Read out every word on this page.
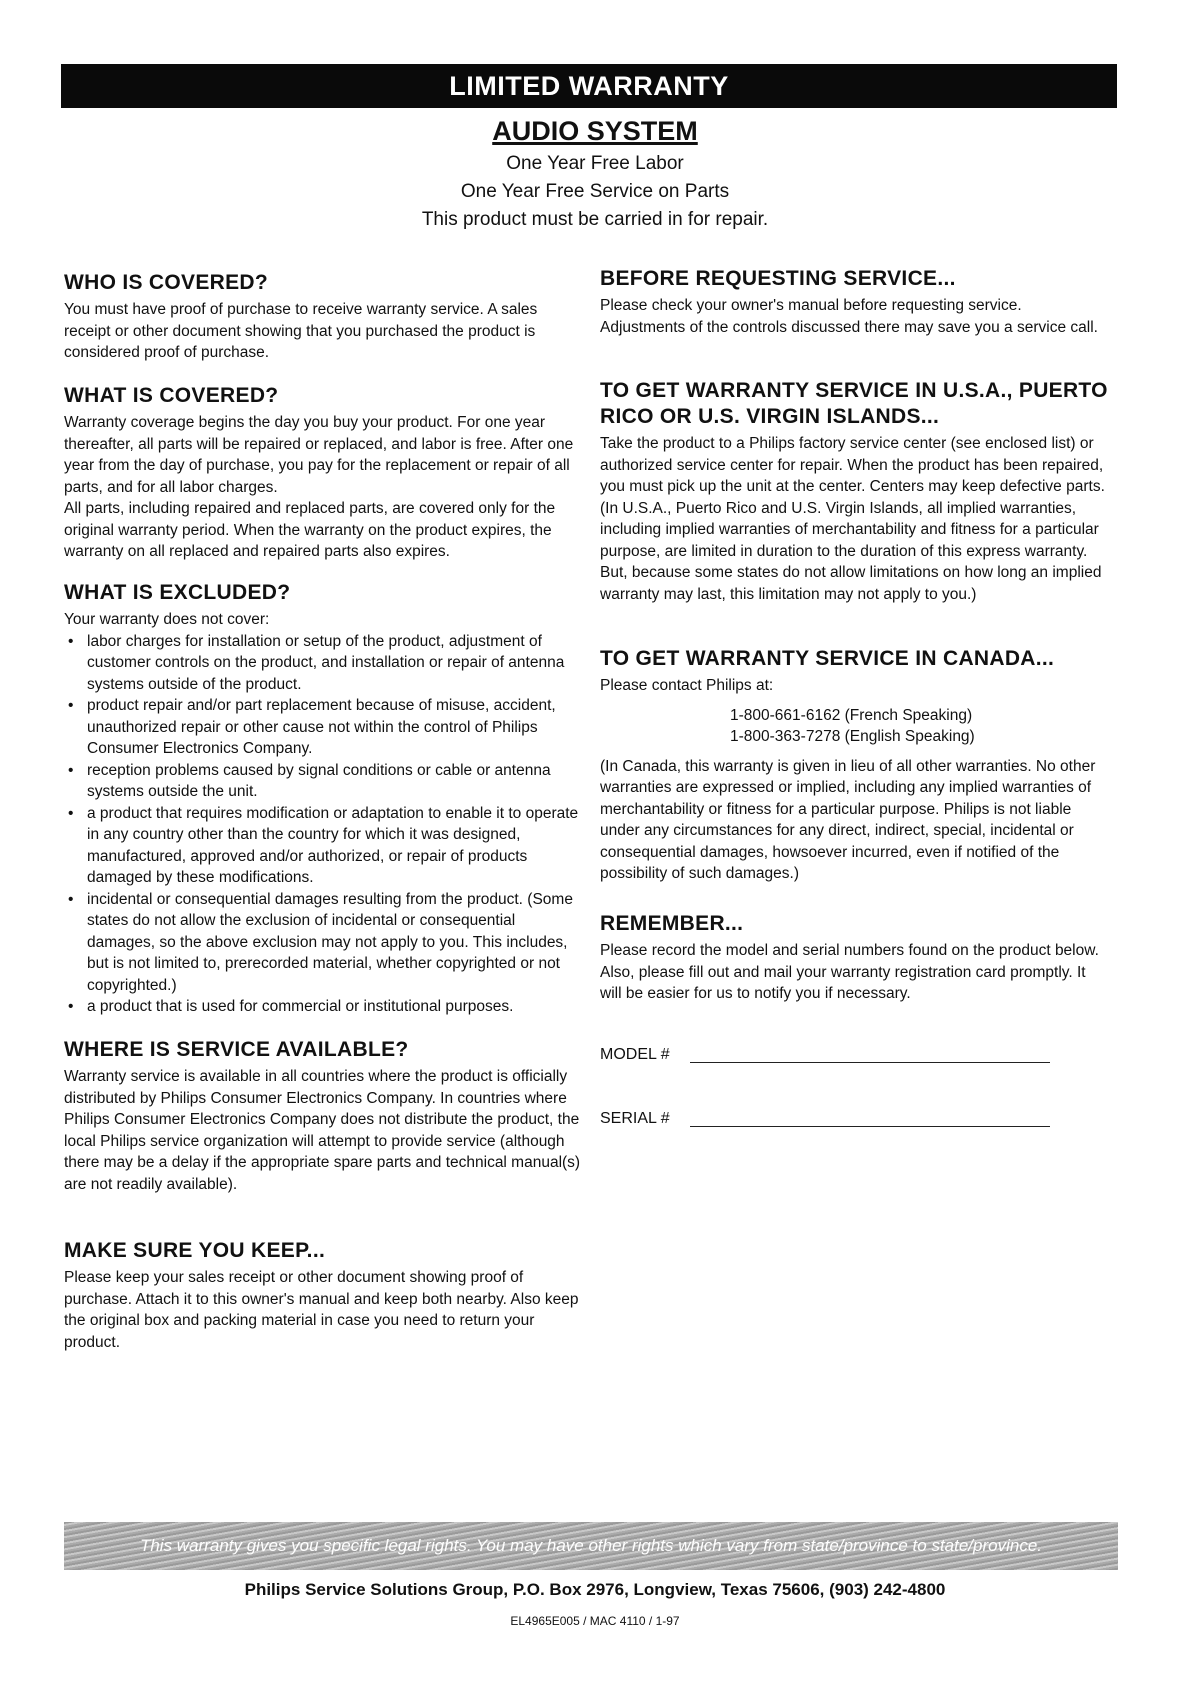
LIMITED WARRANTY
AUDIO SYSTEM
One Year Free Labor
One Year Free Service on Parts
This product must be carried in for repair.
WHO IS COVERED?

You must have proof of purchase to receive warranty service. A sales receipt or other document showing that you purchased the product is considered proof of purchase.

WHAT IS COVERED?

Warranty coverage begins the day you buy your product. For one year thereafter, all parts will be repaired or replaced, and labor is free. After one year from the day of purchase, you pay for the replacement or repair of all parts, and for all labor charges.

All parts, including repaired and replaced parts, are covered only for the original warranty period. When the warranty on the product expires, the warranty on all replaced and repaired parts also expires.

WHAT IS EXCLUDED?

Your warranty does not cover:

• labor charges for installation or setup of the product, adjustment of customer controls on the product, and installation or repair of antenna systems outside of the product.
• product repair and/or part replacement because of misuse, accident, unauthorized repair or other cause not within the control of Philips Consumer Electronics Company.
• reception problems caused by signal conditions or cable or antenna systems outside the unit.
• a product that requires modification or adaptation to enable it to operate in any country other than the country for which it was designed, manufactured, approved and/or authorized, or repair of products damaged by these modifications.
• incidental or consequential damages resulting from the product. (Some states do not allow the exclusion of incidental or consequential damages, so the above exclusion may not apply to you. This includes, but is not limited to, prerecorded material, whether copyrighted or not copyrighted.)
• a product that is used for commercial or institutional purposes.
WHERE IS SERVICE AVAILABLE?

Warranty service is available in all countries where the product is officially distributed by Philips Consumer Electronics Company. In countries where Philips Consumer Electronics Company does not distribute the product, the local Philips service organization will attempt to provide service (although there may be a delay if the appropriate spare parts and technical manual(s) are not readily available).

MAKE SURE YOU KEEP...

Please keep your sales receipt or other document showing proof of purchase. Attach it to this owner's manual and keep both nearby. Also keep the original box and packing material in case you need to return your product.

BEFORE REQUESTING SERVICE...

Please check your owner's manual before requesting service. Adjustments of the controls discussed there may save you a service call.

TO GET WARRANTY SERVICE IN U.S.A., PUERTO RICO OR U.S. VIRGIN ISLANDS...

Take the product to a Philips factory service center (see enclosed list) or authorized service center for repair. When the product has been repaired, you must pick up the unit at the center. Centers may keep defective parts. (In U.S.A., Puerto Rico and U.S. Virgin Islands, all implied warranties, including implied warranties of merchantability and fitness for a particular purpose, are limited in duration to the duration of this express warranty. But, because some states do not allow limitations on how long an implied warranty may last, this limitation may not apply to you.)

TO GET WARRANTY SERVICE IN CANADA...

Please contact Philips at:

1-800-661-6162 (French Speaking)
1-800-363-7278 (English Speaking)

(In Canada, this warranty is given in lieu of all other warranties. No other warranties are expressed or implied, including any implied warranties of merchantability or fitness for a particular purpose. Philips is not liable under any circumstances for any direct, indirect, special, incidental or consequential damages, howsoever incurred, even if notified of the possibility of such damages.)

REMEMBER...

Please record the model and serial numbers found on the product below. Also, please fill out and mail your warranty registration card promptly. It will be easier for us to notify you if necessary.

MODEL #
SERIAL #
This warranty gives you specific legal rights. You may have other rights which vary from state/province to state/province.
Philips Service Solutions Group, P.O. Box 2976, Longview, Texas 75606, (903) 242-4800
EL4965E005 / MAC 4110 / 1-97
